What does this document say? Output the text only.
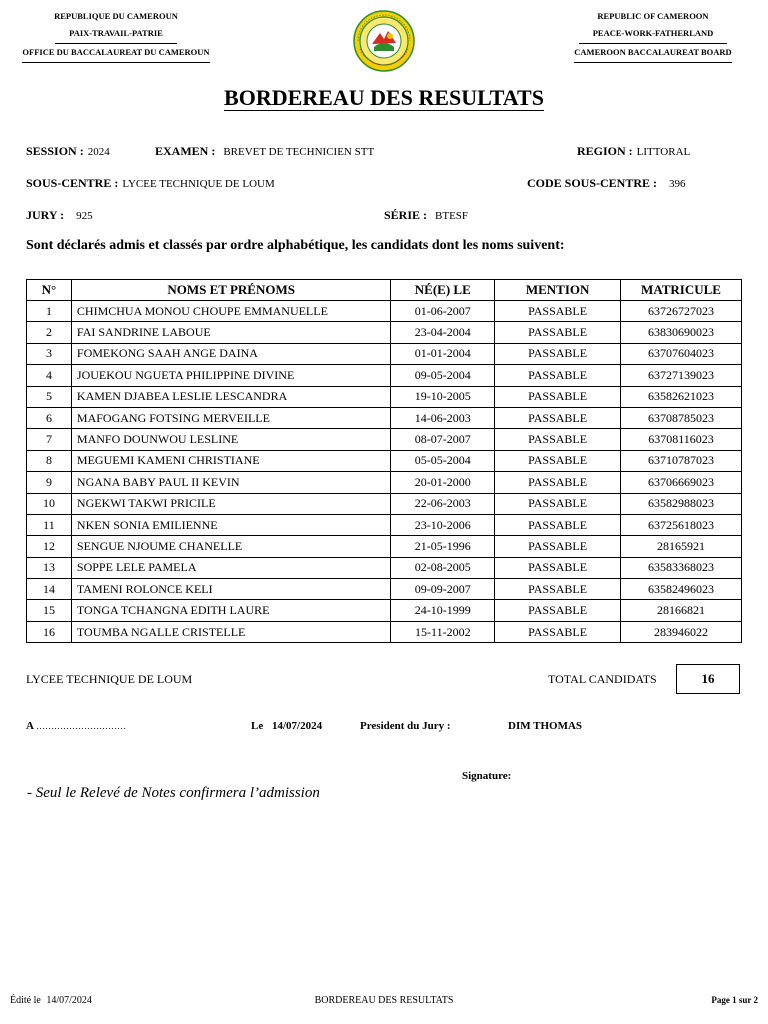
REPUBLIQUE DU CAMEROUN
PAIX-TRAVAIL-PATRIE
OFFICE DU BACCALAUREAT DU CAMEROUN
REPUBLIC OF CAMEROON
PEACE-WORK-FATHERLAND
CAMEROON BACCALAUREAT BOARD
BORDEREAU DES RESULTATS
SESSION : 2024	EXAMEN : BREVET DE TECHNICIEN STT	REGION : LITTORAL
SOUS-CENTRE : LYCEE TECHNIQUE DE LOUM	CODE SOUS-CENTRE : 396
JURY : 925	SÉRIE : BTESF
Sont déclarés admis et classés par ordre alphabétique, les candidats dont les noms suivent:
N°	NOMS ET PRÉNOMS	NÉ(E) LE	MENTION	MATRICULE
1	CHIMCHUA MONOU CHOUPE EMMANUELLE	01-06-2007	PASSABLE	63726727023
2	FAI SANDRINE LABOUE	23-04-2004	PASSABLE	63830690023
3	FOMEKONG SAAH ANGE DAINA	01-01-2004	PASSABLE	63707604023
4	JOUEKOU NGUETA PHILIPPINE DIVINE	09-05-2004	PASSABLE	63727139023
5	KAMEN DJABEA LESLIE LESCANDRA	19-10-2005	PASSABLE	63582621023
6	MAFOGANG FOTSING MERVEILLE	14-06-2003	PASSABLE	63708785023
7	MANFO DOUNWOU LESLINE	08-07-2007	PASSABLE	63708116023
8	MEGUEMI KAMENI CHRISTIANE	05-05-2004	PASSABLE	63710787023
9	NGANA BABY PAUL II KEVIN	20-01-2000	PASSABLE	63706669023
10	NGEKWI TAKWI PRICILE	22-06-2003	PASSABLE	63582988023
11	NKEN SONIA EMILIENNE	23-10-2006	PASSABLE	63725618023
12	SENGUE NJOUME CHANELLE	21-05-1996	PASSABLE	28165921
13	SOPPE LELE PAMELA	02-08-2005	PASSABLE	63583368023
14	TAMENI ROLONCE KELI	09-09-2007	PASSABLE	63582496023
15	TONGA TCHANGNA EDITH LAURE	24-10-1999	PASSABLE	28166821
16	TOUMBA NGALLE CRISTELLE	15-11-2002	PASSABLE	283946022
LYCEE TECHNIQUE DE LOUM	TOTAL CANDIDATS	16
A …………………………	Le 14/07/2024	President du Jury :	DIM THOMAS
Signature:
- Seul le Relevé de Notes confirmera l’admission
Édité le 14/07/2024	BORDEREAU DES RESULTATS	Page 1 sur 2
